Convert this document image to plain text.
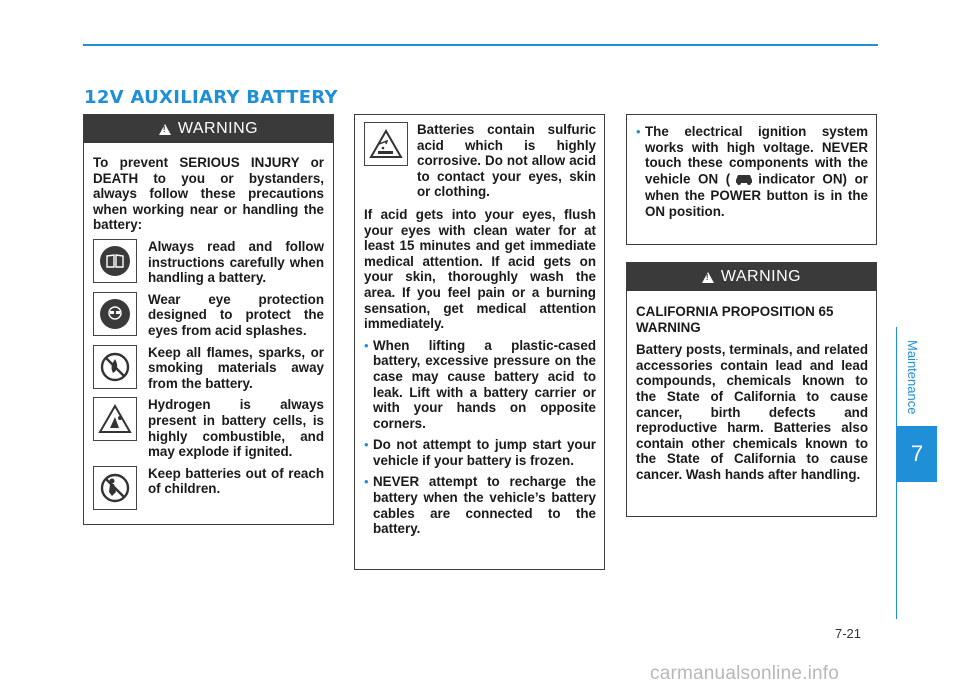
12V AUXILIARY BATTERY
!
WARNING
To prevent SERIOUS INJURY or DEATH to you or bystanders, always follow these precautions when working near or handling the battery:
Always read and follow instructions carefully when handling a battery.
Wear eye protection designed to protect the eyes from acid splashes.
Keep all flames, sparks, or smoking materials away from the battery.
Hydrogen is always present in battery cells, is highly combustible, and may explode if ignited.
Keep batteries out of reach of children.
Batteries contain sulfuric acid which is highly corrosive. Do not allow acid to contact your eyes, skin or clothing.
If acid gets into your eyes, flush your eyes with clean water for at least 15 minutes and get immediate medical attention. If acid gets on your skin, thoroughly wash the area. If you feel pain or a burning sensation, get medical attention immediately.
• When lifting a plastic-cased battery, excessive pressure on the case may cause battery acid to leak. Lift with a battery carrier or with your hands on opposite corners.
• Do not attempt to jump start your vehicle if your battery is frozen.
• NEVER attempt to recharge the battery when the vehicle’s battery cables are connected to the battery.
• The electrical ignition system works with high voltage. NEVER touch these components with the vehicle ON ( indicator ON) or when the POWER button is in the ON position.
!
WARNING
CALIFORNIA PROPOSITION 65 WARNING
Battery posts, terminals, and related accessories contain lead and lead compounds, chemicals known to the State of California to cause cancer, birth defects and reproductive harm. Batteries also contain other chemicals known to the State of California to cause cancer. Wash hands after handling.
Maintenance
7
7-21
carmanualsonline.info
